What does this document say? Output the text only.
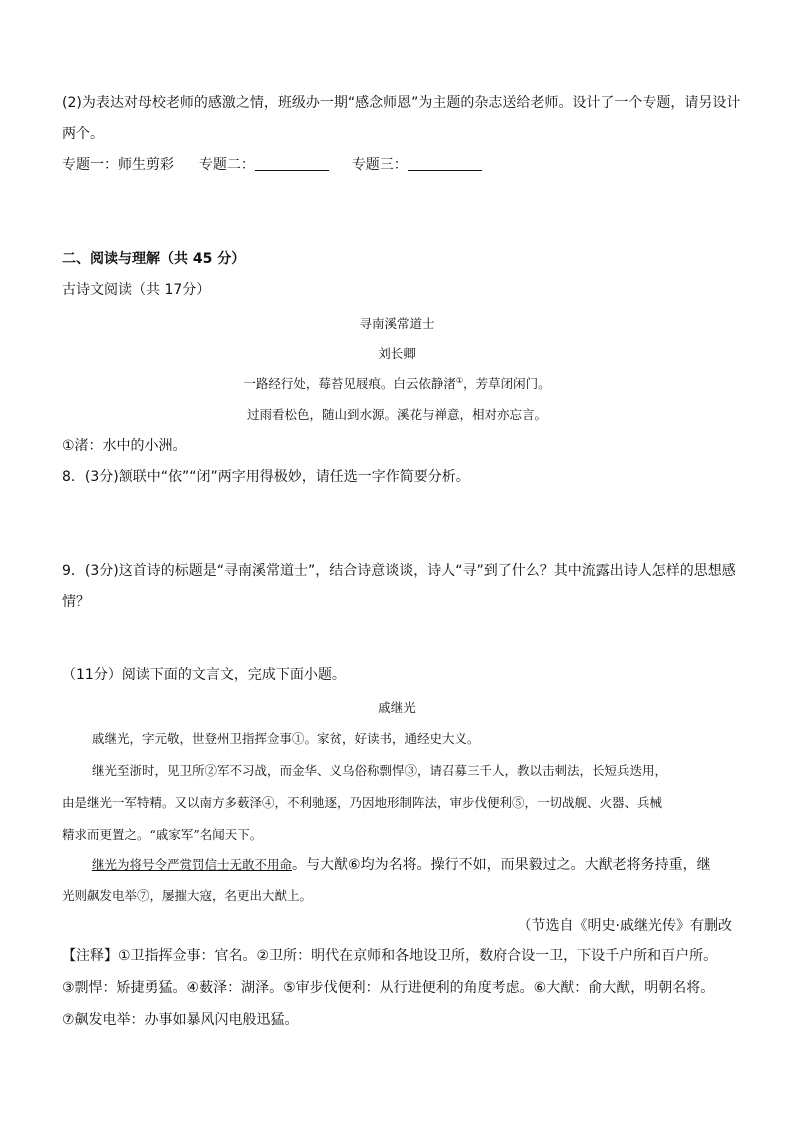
(2)为表达对母校老师的感激之情，班级办一期“感念师恩”为主题的杂志送给老师。设计了一个专题，请另设计
两个。
专题一：师生剪彩 专题二：	专题三：
二、阅读与理解（共 45 分）
古诗文阅读（共 17分）
寻南溪常道士
刘长卿
一路经行处，莓苔见屐痕。白云依静渚①，芳草闭闲门。
过雨看松色，随山到水源。溪花与禅意，相对亦忘言。
①渚：水中的小洲。
8．(3分)颔联中“依”“闭”两字用得极妙，请任选一字作简要分析。
9．(3分)这首诗的标题是“寻南溪常道士”，结合诗意谈谈，诗人“寻”到了什么？其中流露出诗人怎样的思想感
情？
（11分）阅读下面的文言文，完成下面小题。
戚继光
戚继光，字元敬，世登州卫指挥佥事①。家贫，好读书，通经史大义。
继光至浙时，见卫所②军不习战，而金华、义乌俗称剽悍③，请召募三千人，教以击刺法，长短兵迭用，
由是继光一军特精。又以南方多薮泽④，不利驰逐，乃因地形制阵法，审步伐便利⑤，一切战舰、火器、兵械
精求而更置之。“戚家军”名闻天下。
继光为将号令严赏罚信士无敢不用命。与大猷⑥均为名将。操行不如，而果毅过之。大猷老将务持重，继
光则飙发电举⑦，屡摧大寇，名更出大猷上。
（节选自《明史·戚继光传》有删改
【注释】①卫指挥佥事：官名。②卫所：明代在京师和各地设卫所，数府合设一卫，下设千户所和百户所。
③剽悍：矫捷勇猛。④薮泽：湖泽。⑤审步伐便利：从行进便利的角度考虑。⑥大猷：俞大猷，明朝名将。
⑦飙发电举：办事如暴风闪电般迅猛。
